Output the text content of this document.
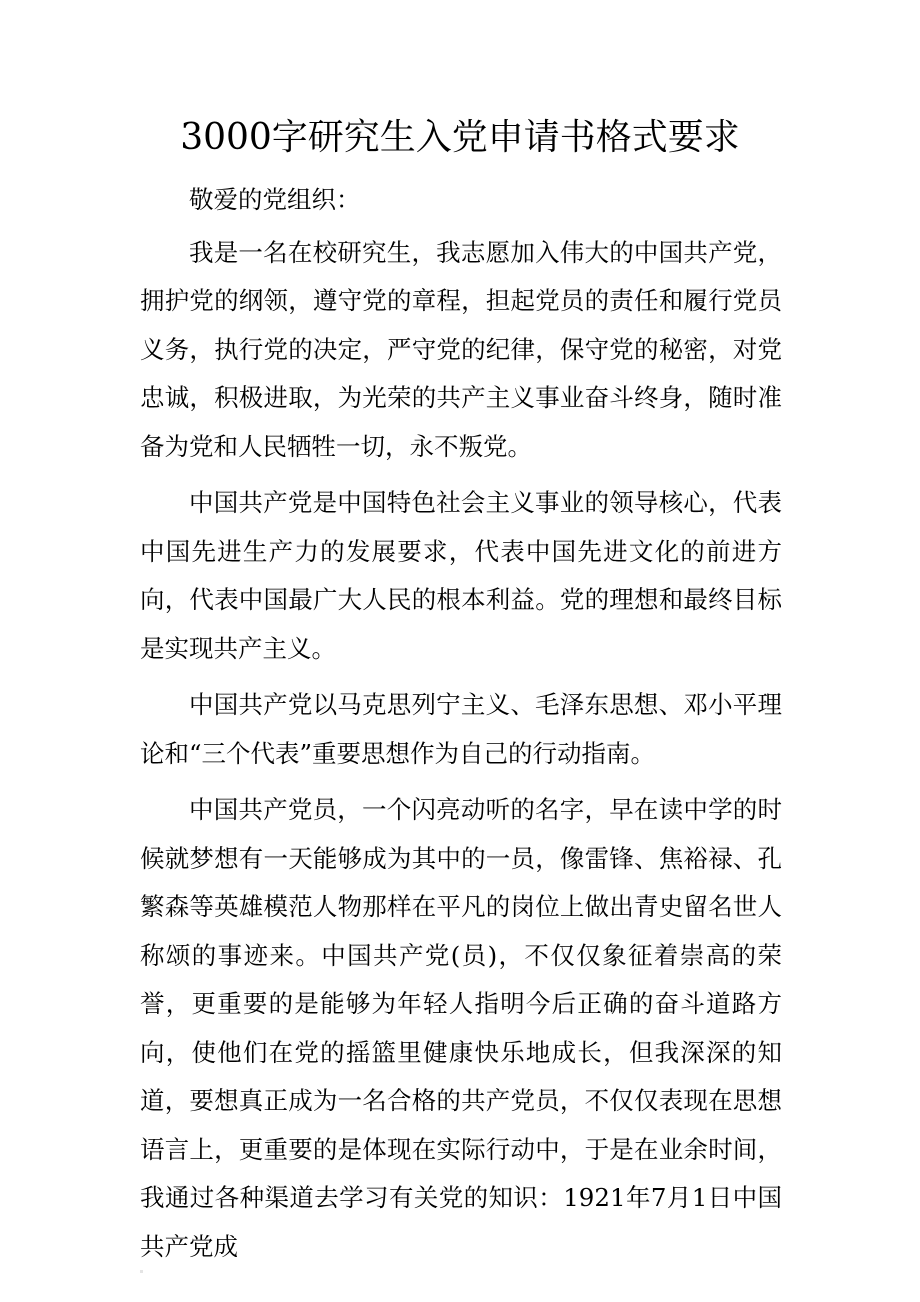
3000字研究生入党申请书格式要求

敬爱的党组织：

我是一名在校研究生，我志愿加入伟大的中国共产党，拥护党的纲领，遵守党的章程，担起党员的责任和履行党员义务，执行党的决定，严守党的纪律，保守党的秘密，对党忠诚，积极进取，为光荣的共产主义事业奋斗终身，随时准备为党和人民牺牲一切，永不叛党。

中国共产党是中国特色社会主义事业的领导核心，代表中国先进生产力的发展要求，代表中国先进文化的前进方向，代表中国最广大人民的根本利益。党的理想和最终目标是实现共产主义。

中国共产党以马克思列宁主义、毛泽东思想、邓小平理论和“三个代表”重要思想作为自己的行动指南。

中国共产党员，一个闪亮动听的名字，早在读中学的时候就梦想有一天能够成为其中的一员，像雷锋、焦裕禄、孔繁森等英雄模范人物那样在平凡的岗位上做出青史留名世人称颂的事迹来。中国共产党(员)，不仅仅象征着崇高的荣誉，更重要的是能够为年轻人指明今后正确的奋斗道路方向，使他们在党的摇篮里健康快乐地成长，但我深深的知道，要想真正成为一名合格的共产党员，不仅仅表现在思想语言上，更重要的是体现在实际行动中，于是在业余时间，我通过各种渠道去学习有关党的知识：1921年7月1日中国共产党成
